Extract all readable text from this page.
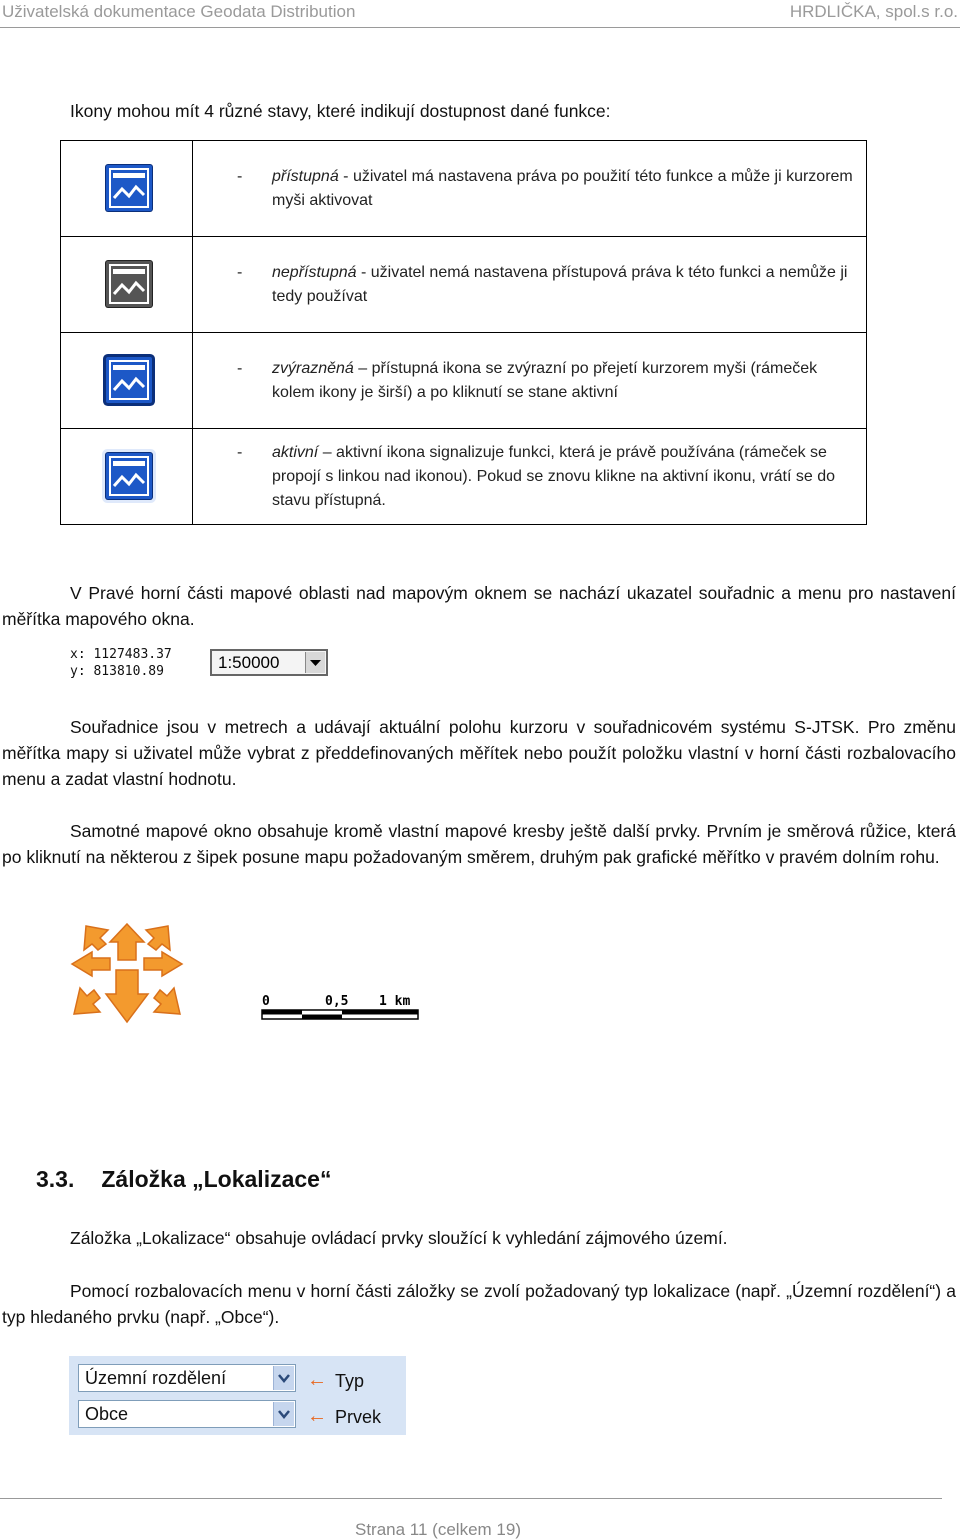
Uživatelská dokumentace Geodata Distribution	HRDLIČKA, spol.s r.o.
Ikony mohou mít 4 různé stavy, které indikují dostupnost dané funkce:

- přístupná - uživatel má nastavena práva po použití této funkce a může ji kurzorem myši aktivovat

- nepřístupná - uživatel nemá nastavena přístupová práva k této funkci a nemůže ji tedy používat

- zvýrazněná – přístupná ikona se zvýrazní po přejetí kurzorem myši (rámeček kolem ikony je širší) a po kliknutí se stane aktivní

- aktivní – aktivní ikona signalizuje funkci, která je právě používána (rámeček se propojí s linkou nad ikonou). Pokud se znovu klikne na aktivní ikonu, vrátí se do stavu přístupná.
V Pravé horní části mapové oblasti nad mapovým oknem se nachází ukazatel souřadnic a menu pro nastavení měřítka mapového okna.
x: 1127483.37
y: 813810.89	1:50000
Souřadnice jsou v metrech a udávají aktuální polohu kurzoru v souřadnicovém systému S-JTSK. Pro změnu měřítka mapy si uživatel může vybrat z předdefinovaných měřítek nebo použít položku vlastní v horní části rozbalovacího menu a zadat vlastní hodnotu.
Samotné mapové okno obsahuje kromě vlastní mapové kresby ještě další prvky. Prvním je směrová růžice, která po kliknutí na některou z šipek posune mapu požadovaným směrem, druhým pak grafické měřítko v pravém dolním rohu.
0	0,5 1 km
3.3. Záložka „Lokalizace“
Záložka „Lokalizace“ obsahuje ovládací prvky sloužící k vyhledání zájmového území.
Pomocí rozbalovacích menu v horní části záložky se zvolí požadovaný typ lokalizace (např. „Územní rozdělení“) a typ hledaného prvku (např. „Obce“).
Územní rozdělení	← Typ
Obce	← Prvek
Strana 11 (celkem 19)
